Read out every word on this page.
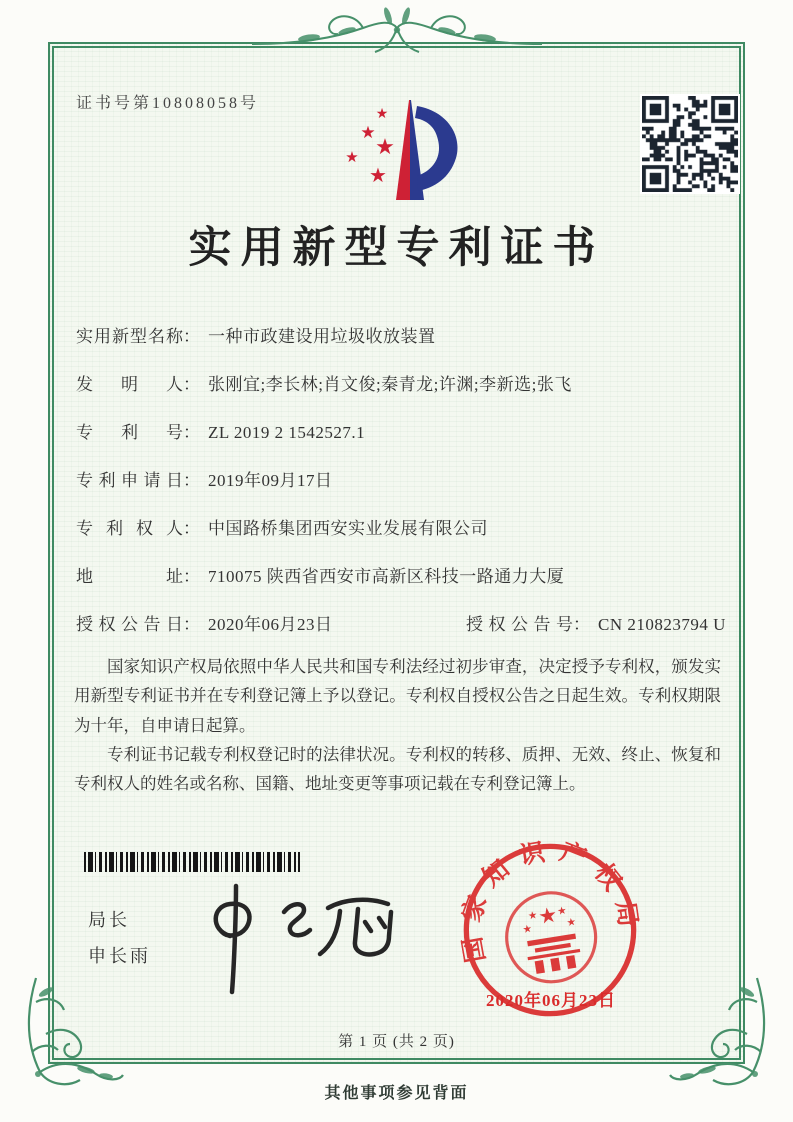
证书号第10808058号
★
★
★
★
★
实用新型专利证书
实用新型名称： 一种市政建设用垃圾收放装置
发明人： 张刚宜;李长林;肖文俊;秦青龙;许渊;李新选;张飞
专利号： ZL 2019 2 1542527.1
专利申请日： 2019年09月17日
专利权人： 中国路桥集团西安实业发展有限公司
地址： 710075 陕西省西安市高新区科技一路通力大厦
授权公告日： 2020年06月23日	授权公告号： CN 210823794 U

国家知识产权局依照中华人民共和国专利法经过初步审查，决定授予专利权，颁发实用新型专利证书并在专利登记簿上予以登记。专利权自授权公告之日起生效。专利权期限为十年，自申请日起算。

专利证书记载专利权登记时的法律状况。专利权的转移、质押、无效、终止、恢复和专利权人的姓名或名称、国籍、地址变更等事项记载在专利登记簿上。

局长
申长雨	国家知识产权局
★
★
★ ★
★
2020年06月23日
第 1 页 (共 2 页)
其他事项参见背面
